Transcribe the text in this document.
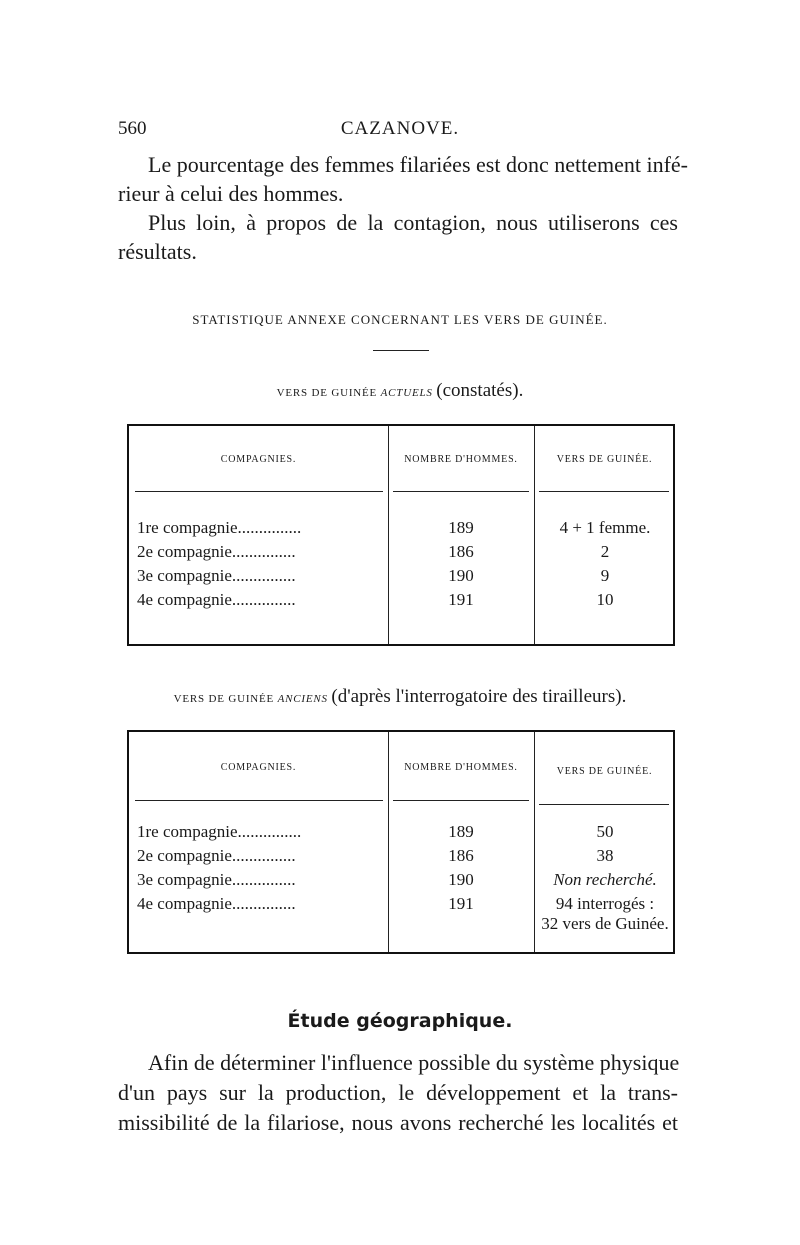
560	CAZANOVE.
Le pourcentage des femmes filariées est donc nettement infé-
rieur à celui des hommes.
Plus loin, à propos de la contagion, nous utiliserons ces
résultats.
STATISTIQUE ANNEXE CONCERNANT LES VERS DE GUINÉE.
VERS DE GUINÉE ACTUELS (constatés).
COMPAGNIES.	NOMBRE D'HOMMES.	VERS DE GUINÉE.
1re compagnie...............	189	4 + 1 femme.
2e compagnie...............	186	2
3e compagnie...............	190	9
4e compagnie...............	191	10
VERS DE GUINÉE ANCIENS (d'après l'interrogatoire des tirailleurs).
COMPAGNIES.	NOMBRE D'HOMMES.	VERS DE GUINÉE.
1re compagnie...............	189	50
2e compagnie...............	186	38
3e compagnie...............	190	Non recherché.
4e compagnie...............	191	94 interrogés :
32 vers de Guinée.
Étude géographique.
Afin de déterminer l'influence possible du système physique
d'un pays sur la production, le développement et la trans-
missibilité de la filariose, nous avons recherché les localités et
